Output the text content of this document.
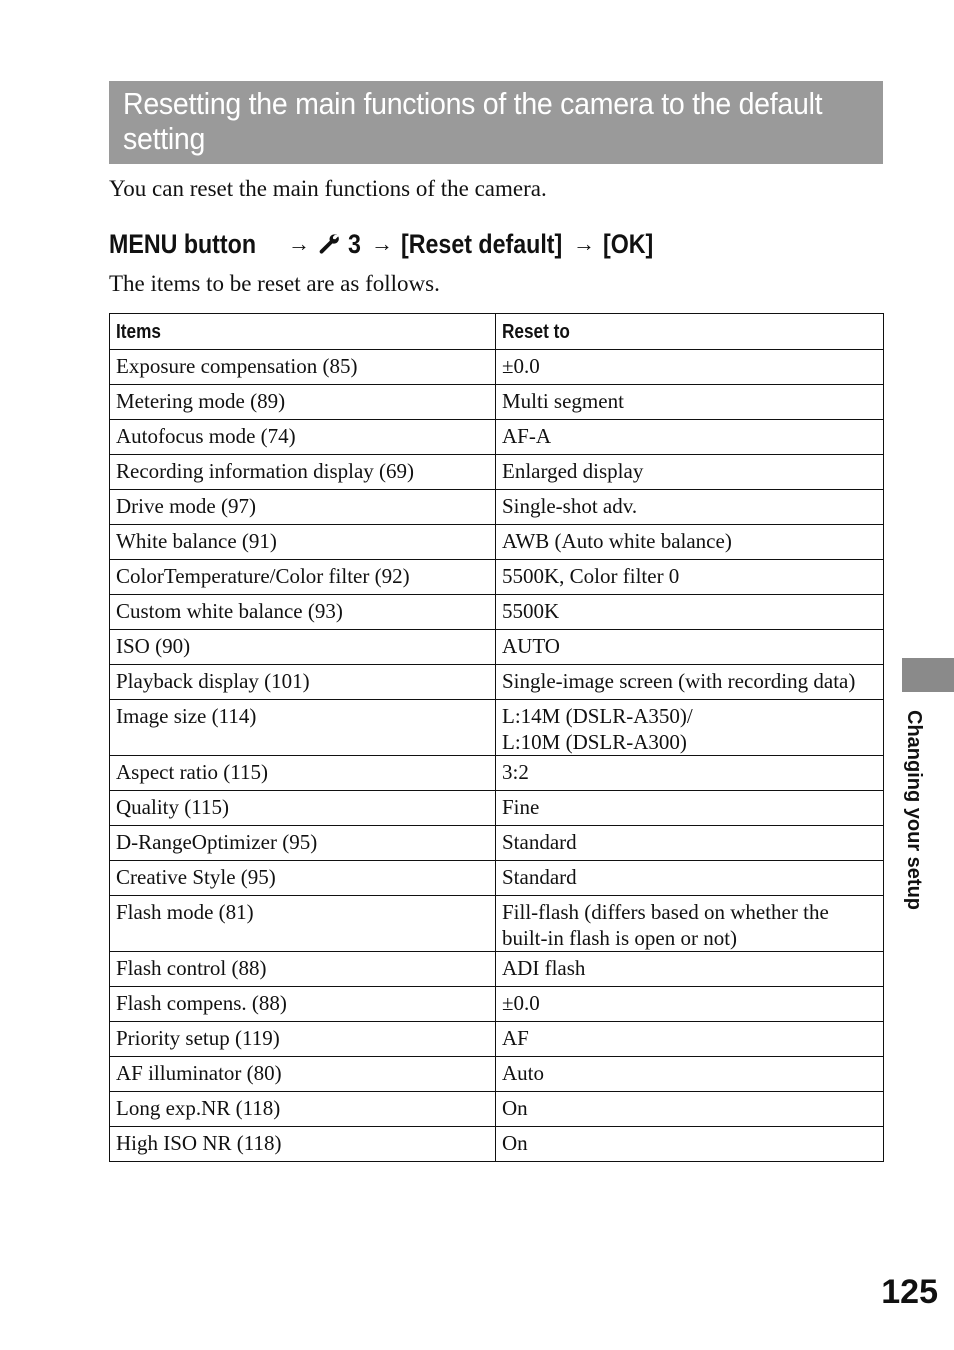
Resetting the main functions of the camera to the default setting
You can reset the main functions of the camera.
MENU button → 3 → [Reset default] → [OK]
The items to be reset are as follows.
Items	Reset to
Exposure compensation (85)	±0.0
Metering mode (89)	Multi segment
Autofocus mode (74)	AF-A
Recording information display (69)	Enlarged display
Drive mode (97)	Single-shot adv.
White balance (91)	AWB (Auto white balance)
ColorTemperature/Color filter (92)	5500K, Color filter 0
Custom white balance (93)	5500K
ISO (90)	AUTO
Playback display (101)	Single-image screen (with recording data)
Image size (114)	L:14M (DSLR-A350)/
L:10M (DSLR-A300)
Aspect ratio (115)	3:2
Quality (115)	Fine
D-RangeOptimizer (95)	Standard
Creative Style (95)	Standard
Flash mode (81)	Fill-flash (differs based on whether the built-in flash is open or not)
Flash control (88)	ADI flash
Flash compens. (88)	±0.0
Priority setup (119)	AF
AF illuminator (80)	Auto
Long exp.NR (118)	On
High ISO NR (118)	On
Changing your setup
125
